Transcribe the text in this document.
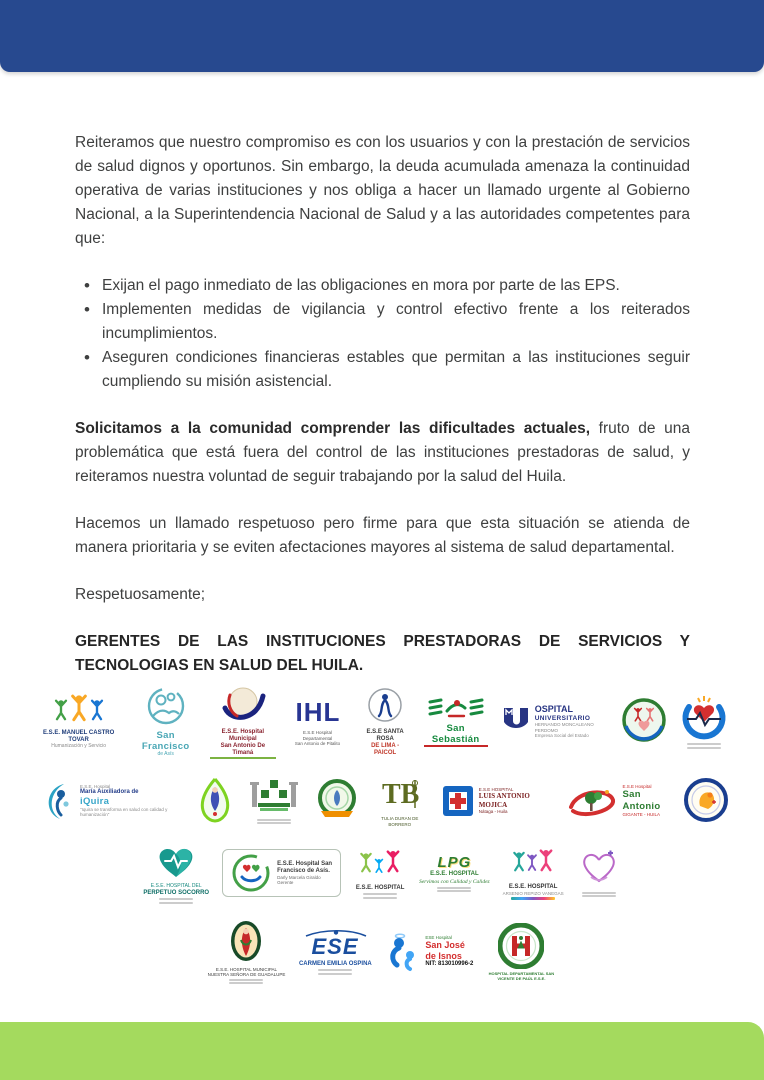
Reiteramos que nuestro compromiso es con los usuarios y con la prestación de servicios de salud dignos y oportunos. Sin embargo, la deuda acumulada amenaza la continuidad operativa de varias instituciones y nos obliga a hacer un llamado urgente al Gobierno Nacional, a la Superintendencia Nacional de Salud y a las autoridades competentes para que:

• Exijan el pago inmediato de las obligaciones en mora por parte de las EPS.
• Implementen medidas de vigilancia y control efectivo frente a los reiterados incumplimientos.
• Aseguren condiciones financieras estables que permitan a las instituciones seguir cumpliendo su misión asistencial.

Solicitamos a la comunidad comprender las dificultades actuales, fruto de una problemática que está fuera del control de las instituciones prestadoras de salud, y reiteramos nuestra voluntad de seguir trabajando por la salud del Huila.

Hacemos un llamado respetuoso pero firme para que esta situación se atienda de manera prioritaria y se eviten afectaciones mayores al sistema de salud departamental.

Respetuosamente;

GERENTES DE LAS INSTITUCIONES PRESTADORAS DE SERVICIOS Y TECNOLOGIAS EN SALUD DEL HUILA.

E.S.E. MANUEL CASTRO TOVAR
Humanización y Servicio
San Francisco
de Asís
E.S.E. Hospital Municipal
San Antonio De Timaná
IHL
E.S.E Hospital Departamental
San Antonio de Pitalito
E.S.E SANTA ROSA
DE LIMA - PAICOL
San Sebastián
OSPITAL
UNIVERSITARIO
HERNANDO MONCALEANO PERDOMO
Empresa Social del Estado
E.S.E. Hospital
María Auxiliadora de
iQuira
"Iquira se transforma en salud con calidad y humanización"
TB
TULIA DURAN DE BORRERO
E.S.E HOSPITAL
LUIS ANTONIO MOJICA
Nátaga - Huila
E.S.E Hospital
San Antonio
GIGANTE - HUILA
E.S.E. HOSPITAL DEL
PERPETUO SOCORRO
E.S.E. Hospital San
Francisco de Asís.
Darly Marcela Giraldo
Gerente
E.S.E. HOSPITAL
LPG
E.S.E. HOSPITAL
Servimos con Calidad y Calidez
E.S.E. HOSPITAL
ARSENIO REPIZO VANEGAS
E.S.E. HOSPITAL MUNICIPAL
NUESTRA SEÑORA DE GUADALUPE
ESE
CARMEN EMILIA OSPINA
ESE Hospital
San José
de Isnos
NIT: 813010996-2
HOSPITAL DEPARTAMENTAL SAN VICENTE DE PAÚL E.S.E.
